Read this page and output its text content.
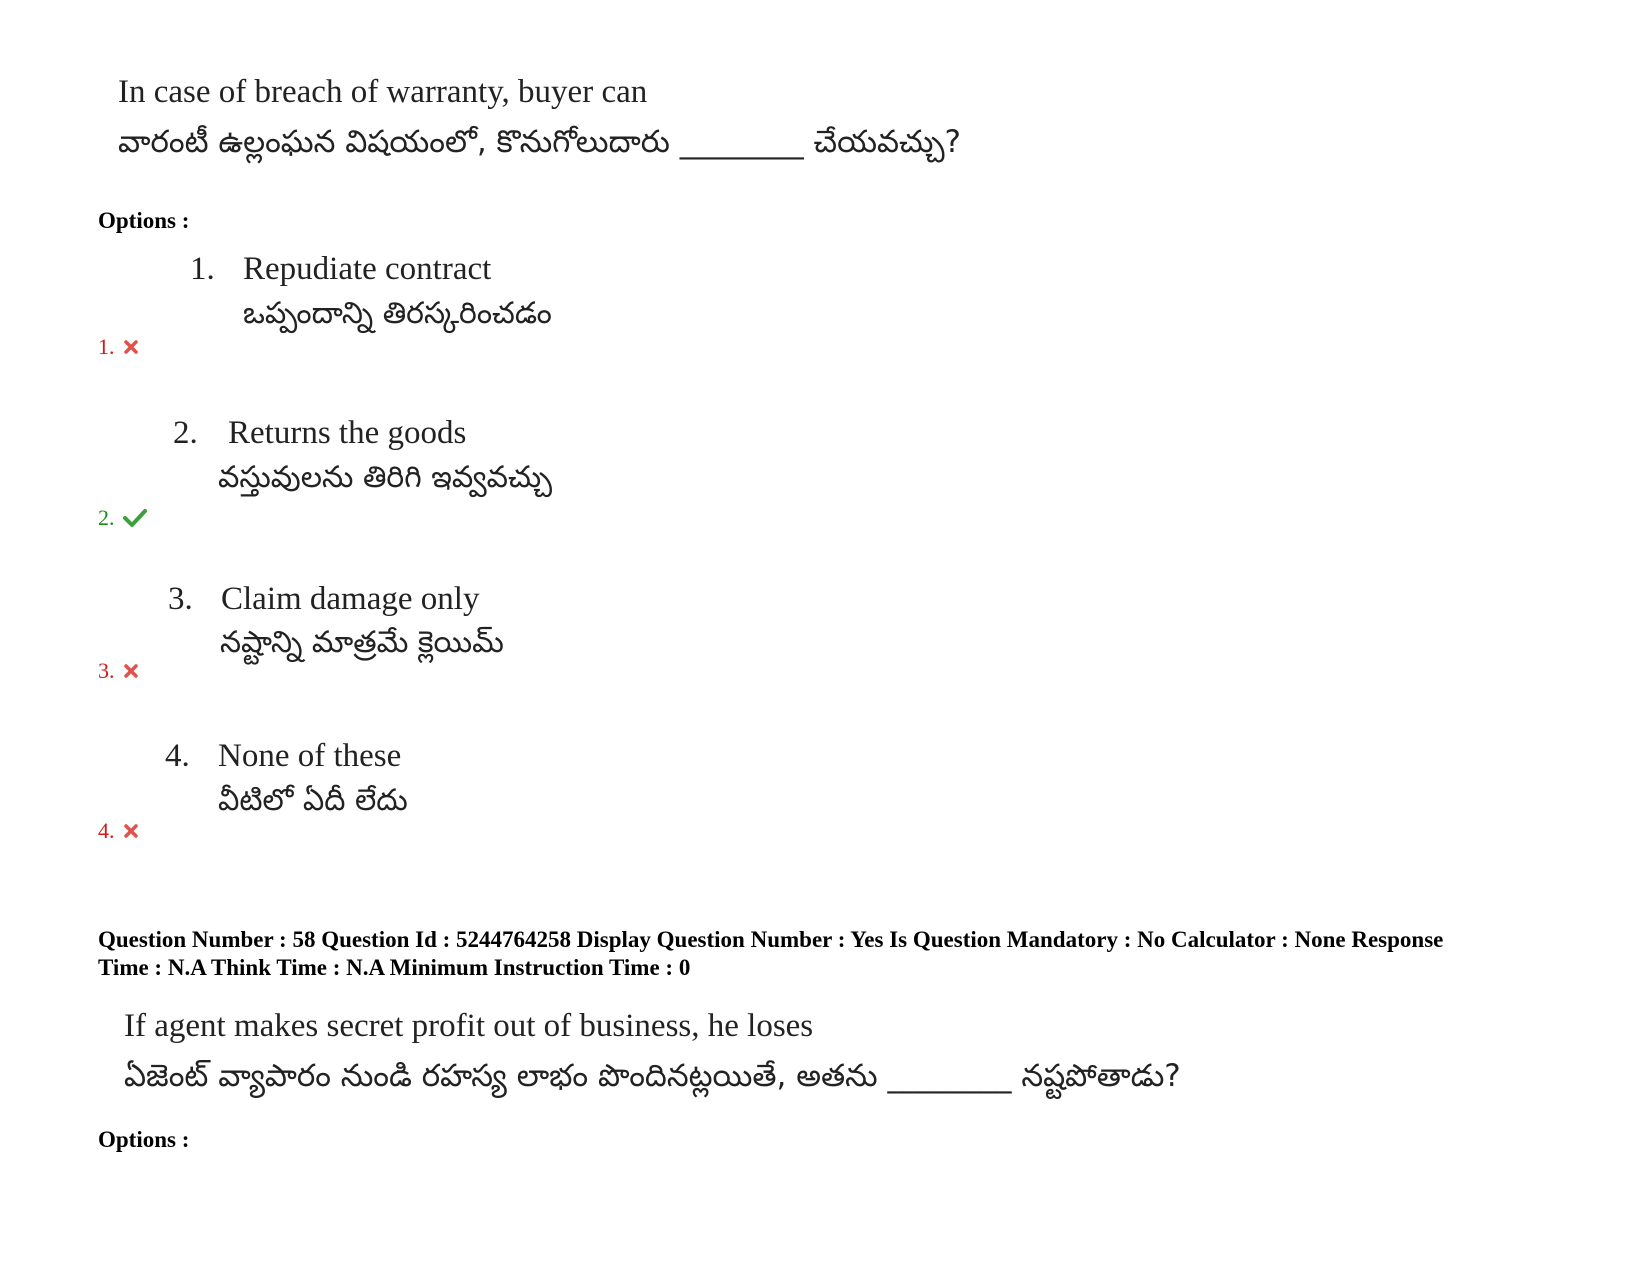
In case of breach of warranty, buyer can
వారంటీ ఉల్లంఘన విషయంలో, కొనుగోలుదారు ________ చేయవచ్చు?
Options :
1. Repudiate contract
ఒప్పందాన్ని తిరస్కరించడం
1.
2. Returns the goods
వస్తువులను తిరిగి ఇవ్వవచ్చు
2.
3. Claim damage only
నష్టాన్ని మాత్రమే క్లెయిమ్
3.
4. None of these
వీటిలో ఏదీ లేదు
4.
Question Number : 58 Question Id : 5244764258 Display Question Number : Yes Is Question Mandatory : No Calculator : None Response
Time : N.A Think Time : N.A Minimum Instruction Time : 0
If agent makes secret profit out of business, he loses
ఏజెంట్ వ్యాపారం నుండి రహస్య లాభం పొందినట్లయితే, అతను ________ నష్టపోతాడు?
Options :
